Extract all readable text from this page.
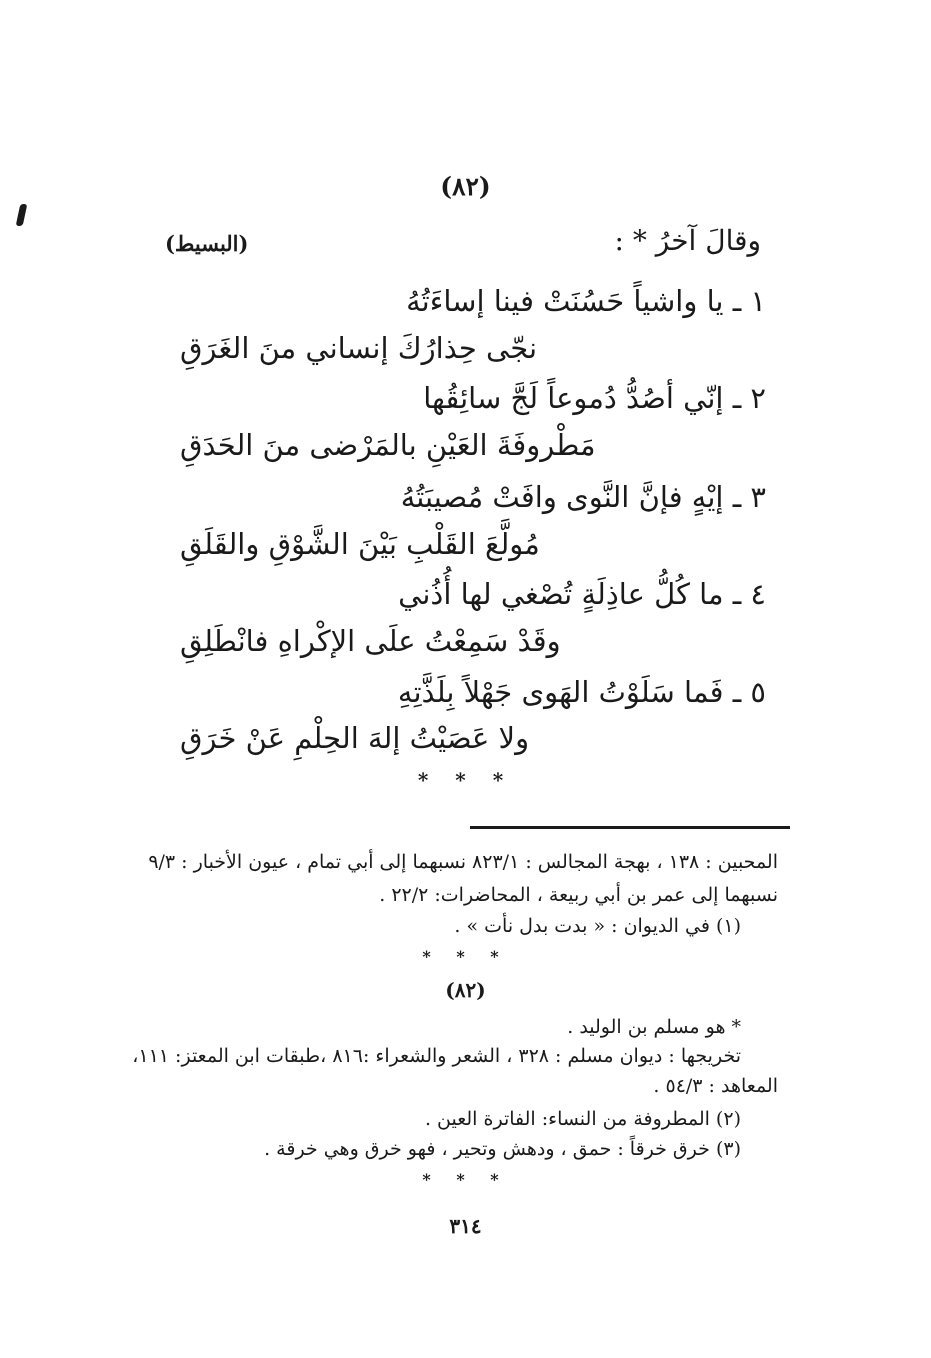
(٨٢)
وقالَ آخرُ * :
(البسيط)
١ ـ يا واشياً حَسُنَتْ فينا إساءَتُهُ
نجّى حِذارُكَ إنساني منَ الغَرَقِ
٢ ـ إنّي أصُدُّ دُموعاً لَجَّ سائِقُها
مَطْروفَةَ العَيْنِ بالمَرْضى منَ الحَدَقِ
٣ ـ إيْهٍ فإنَّ النَّوى وافَتْ مُصيبَتُهُ
مُولَّعَ القَلْبِ بَيْنَ الشَّوْقِ والقَلَقِ
٤ ـ ما كُلُّ عاذِلَةٍ تُصْغي لها أُذُني
وقَدْ سَمِعْتُ علَى الإكْراهِ فانْطَلِقِ
٥ ـ فَما سَلَوْتُ الهَوى جَهْلاً بِلَذَّتِهِ
ولا عَصَيْتُ إلهَ الحِلْمِ عَنْ خَرَقِ
* * *
المحبين : ١٣٨ ، بهجة المجالس : ٨٢٣/١ نسبهما إلى أبي تمام ، عيون الأخبار : ٩/٣
نسبهما إلى عمر بن أبي ربيعة ، المحاضرات: ٢٢/٢ .
(١) في الديوان : « بدت بدل نأت » .
* * *
(٨٢)
* هو مسلم بن الوليد .
تخريجها : ديوان مسلم : ٣٢٨ ، الشعر والشعراء :٨١٦ ،طبقات ابن المعتز: ١١١،
المعاهد : ٥٤/٣ .
(٢) المطروفة من النساء: الفاترة العين .
(٣) خرق خرقاً : حمق ، ودهش وتحير ، فهو خرق وهي خرقة .
* * *
٣١٤
